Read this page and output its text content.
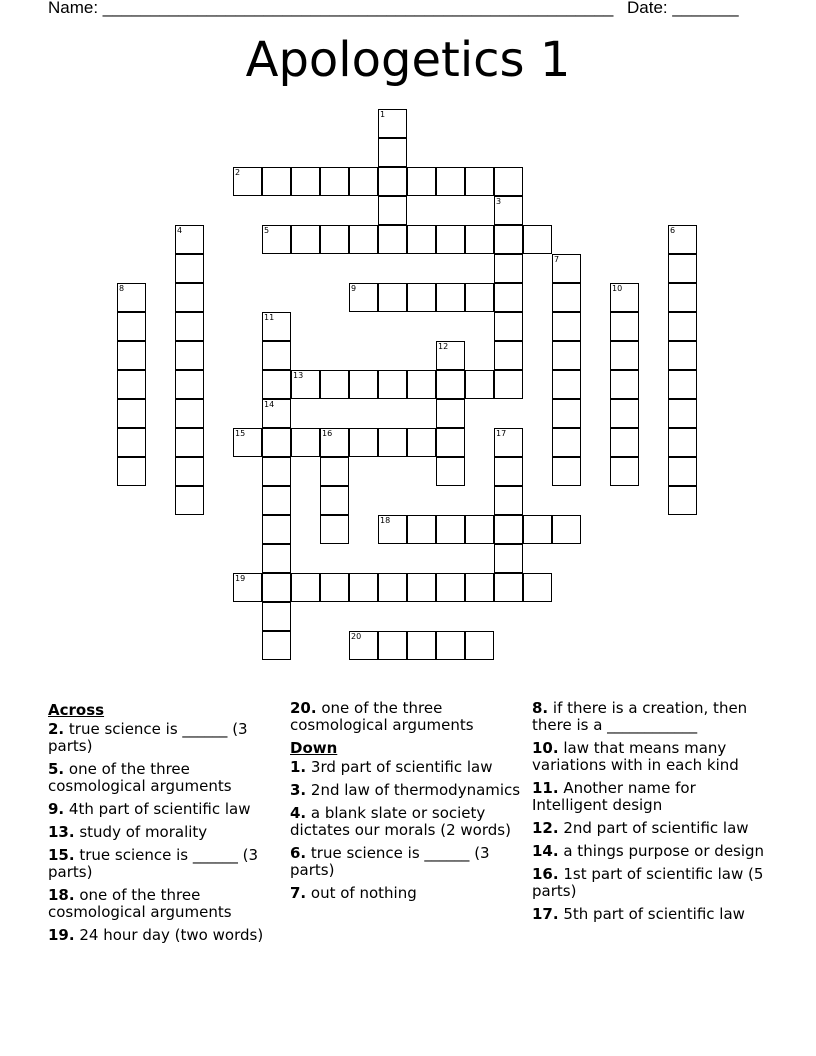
Name: ______________________________________________________ Date: _______
Apologetics 1
2
5
9
13
15	16
18
19
20
1
3
4	6
7
8	10
11
12
14
17
Across
2. true science is ______ (3 parts)
5. one of the three cosmological arguments
9. 4th part of scientific law
13. study of morality
15. true science is ______ (3 parts)
18. one of the three cosmological arguments
19. 24 hour day (two words)
20. one of the three cosmological arguments
Down
1. 3rd part of scientific law
3. 2nd law of thermodynamics
4. a blank slate or society dictates our morals (2 words)
6. true science is ______ (3 parts)
7. out of nothing
8. if there is a creation, then there is a ____________
10. law that means many variations with in each kind
11. Another name for Intelligent design
12. 2nd part of scientific law
14. a things purpose or design
16. 1st part of scientific law (5 parts)
17. 5th part of scientific law
